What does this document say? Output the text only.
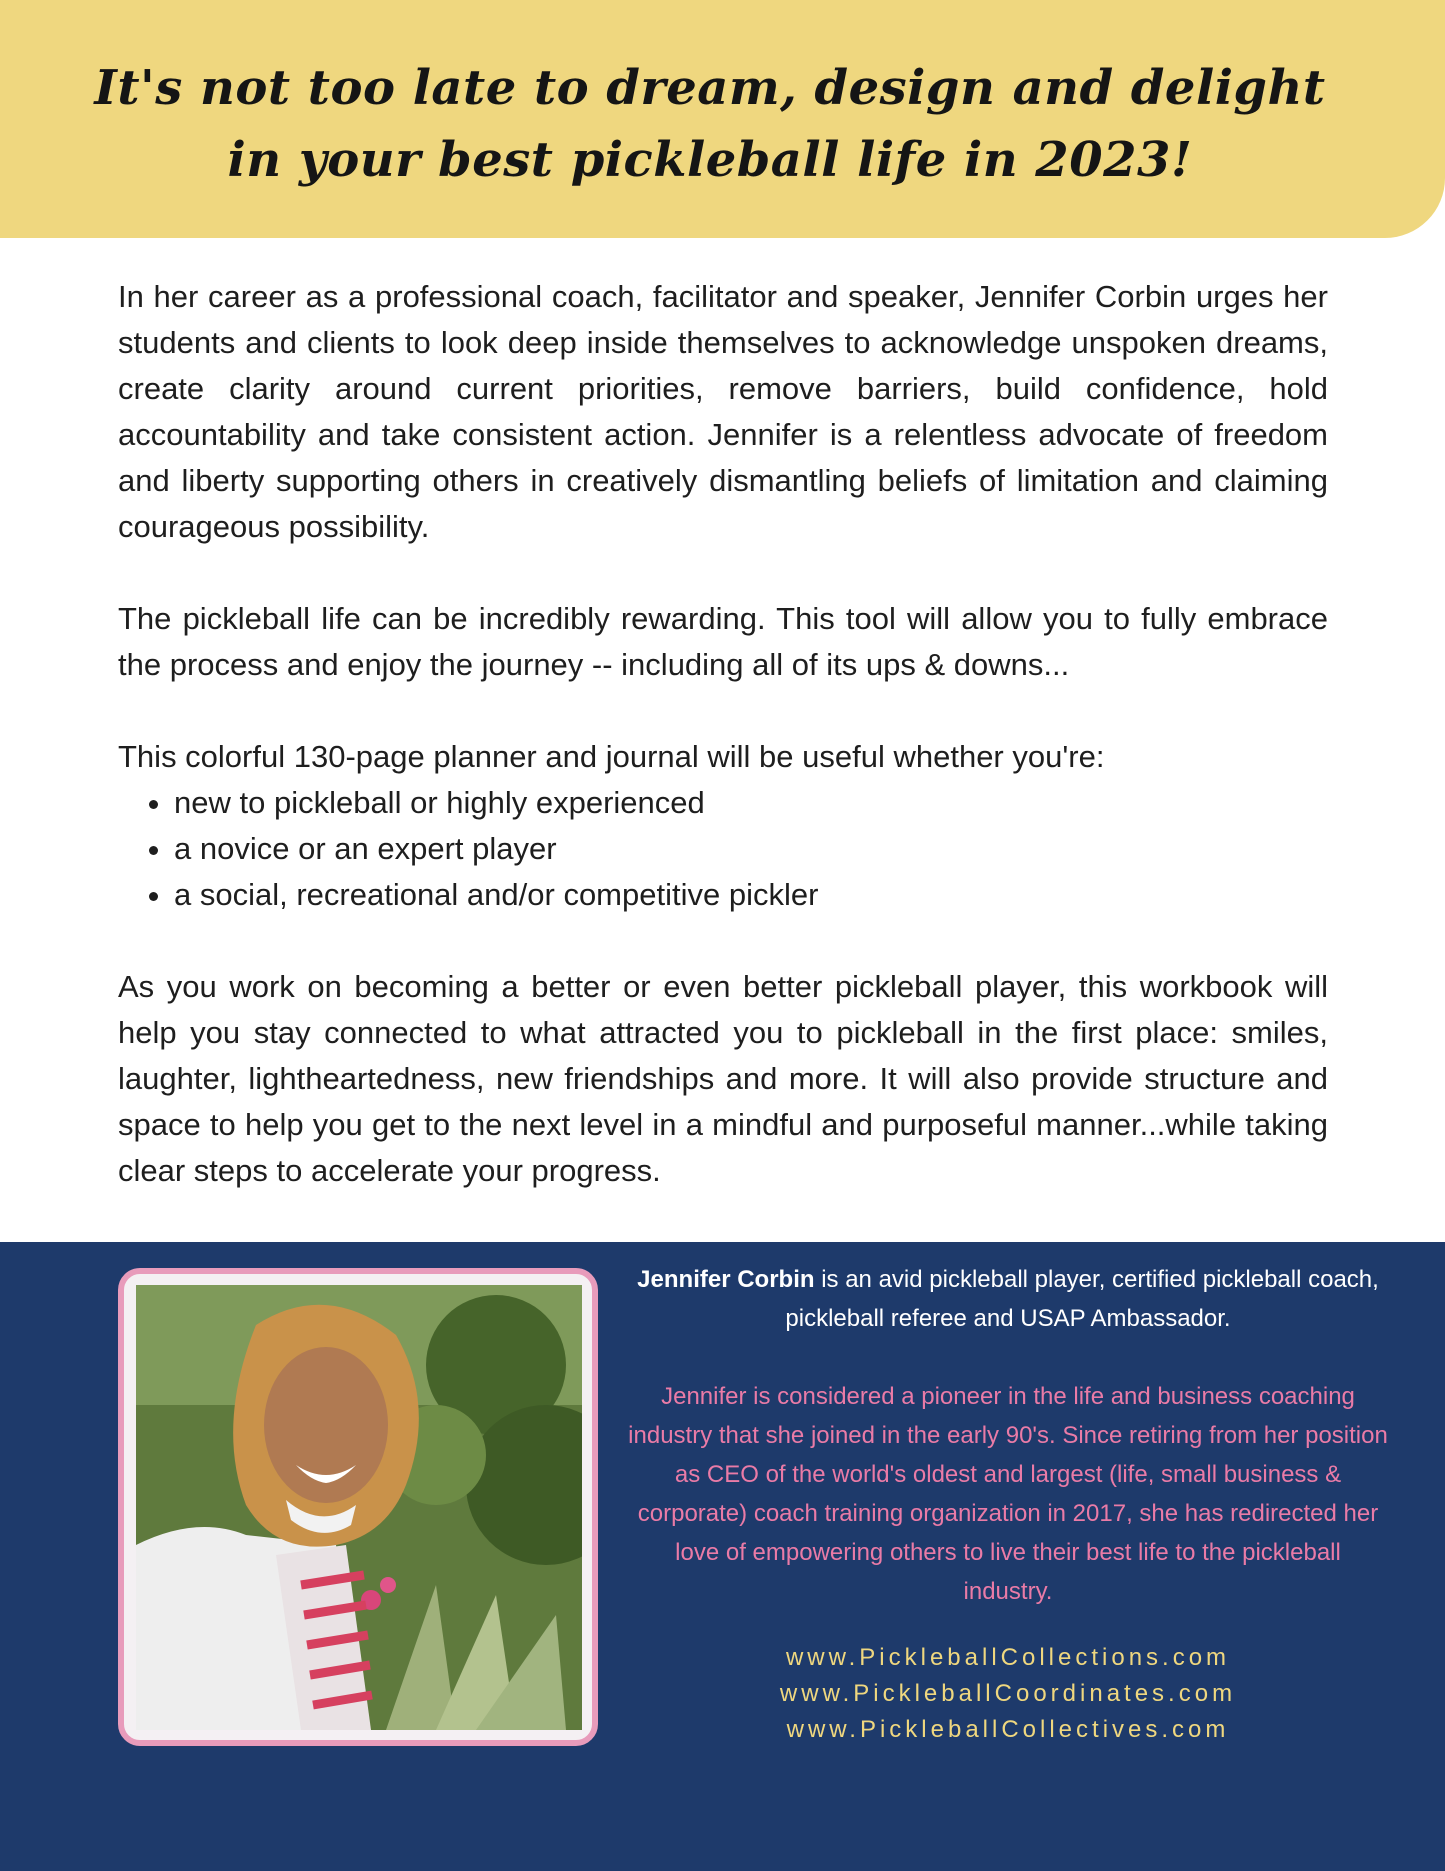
It's not too late to dream, design and delight
in your best pickleball life in 2023!

In her career as a professional coach, facilitator and speaker, Jennifer Corbin urges her students and clients to look deep inside themselves to acknowledge unspoken dreams, create clarity around current priorities, remove barriers, build confidence, hold accountability and take consistent action. Jennifer is a relentless advocate of freedom and liberty supporting others in creatively dismantling beliefs of limitation and claiming courageous possibility.

The pickleball life can be incredibly rewarding. This tool will allow you to fully embrace the process and enjoy the journey -- including all of its ups & downs...

This colorful 130-page planner and journal will be useful whether you're:

• new to pickleball or highly experienced
• a novice or an expert player
• a social, recreational and/or competitive pickler

As you work on becoming a better or even better pickleball player, this workbook will help you stay connected to what attracted you to pickleball in the first place: smiles, laughter, lightheartedness, new friendships and more. It will also provide structure and space to help you get to the next level in a mindful and purposeful manner...while taking clear steps to accelerate your progress.

Jennifer Corbin is an avid pickleball player, certified pickleball coach, pickleball referee and USAP Ambassador.

Jennifer is considered a pioneer in the life and business coaching industry that she joined in the early 90's. Since retiring from her position as CEO of the world's oldest and largest (life, small business & corporate) coach training organization in 2017, she has redirected her love of empowering others to live their best life to the pickleball industry.

www.PickleballCollections.com
www.PickleballCoordinates.com
www.PickleballCollectives.com
